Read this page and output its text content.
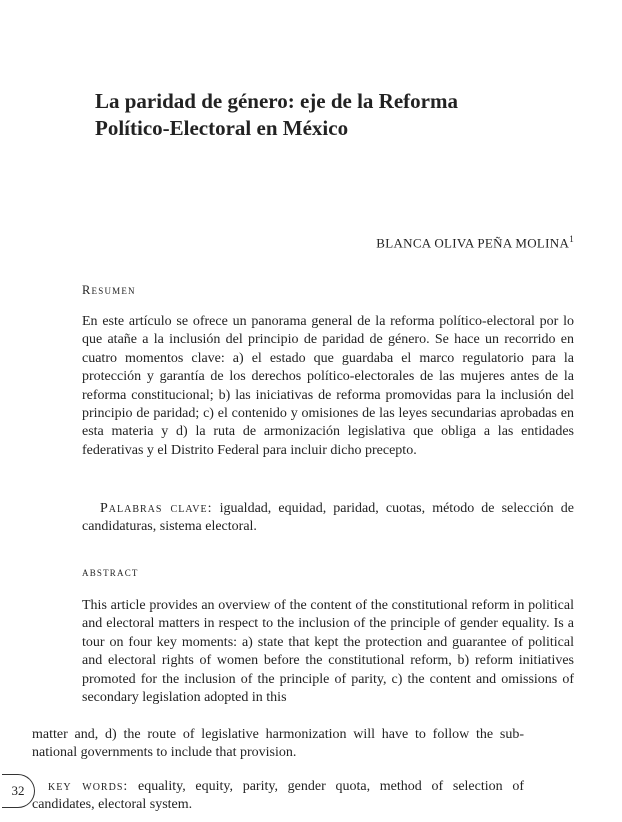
La paridad de género: eje de la Reforma
Político-Electoral en México
BLANCA OLIVA PEÑA MOLINA$^1$
Resumen
En este artículo se ofrece un panorama general de la reforma político-electoral por lo que atañe a la inclusión del principio de paridad de género. Se hace un recorrido en cuatro momentos clave: a) el estado que guardaba el marco regulatorio para la protección y garantía de los derechos político-electorales de las mujeres antes de la reforma constitucional; b) las iniciativas de reforma promovidas para la inclusión del principio de paridad; c) el contenido y omisiones de las leyes secundarias aprobadas en esta materia y d) la ruta de armonización legislativa que obliga a las entidades federativas y el Distrito Federal para incluir dicho precepto.
Palabras clave: igualdad, equidad, paridad, cuotas, método de selección de candidaturas, sistema electoral.
abstract
This article provides an overview of the content of the constitutional reform in political and electoral matters in respect to the inclusion of the principle of gender equality. Is a tour on four key moments: a) state that kept the protection and guarantee of political and electoral rights of women before the constitutional reform, b) reform initiatives promoted for the inclusion of the principle of parity, c) the content and omissions of secondary legislation adopted in this
matter and, d) the route of legislative harmonization will have to follow the sub-national governments to include that provision.
key words: equality, equity, parity, gender quota, method of selection of candidates, electoral system.
32
